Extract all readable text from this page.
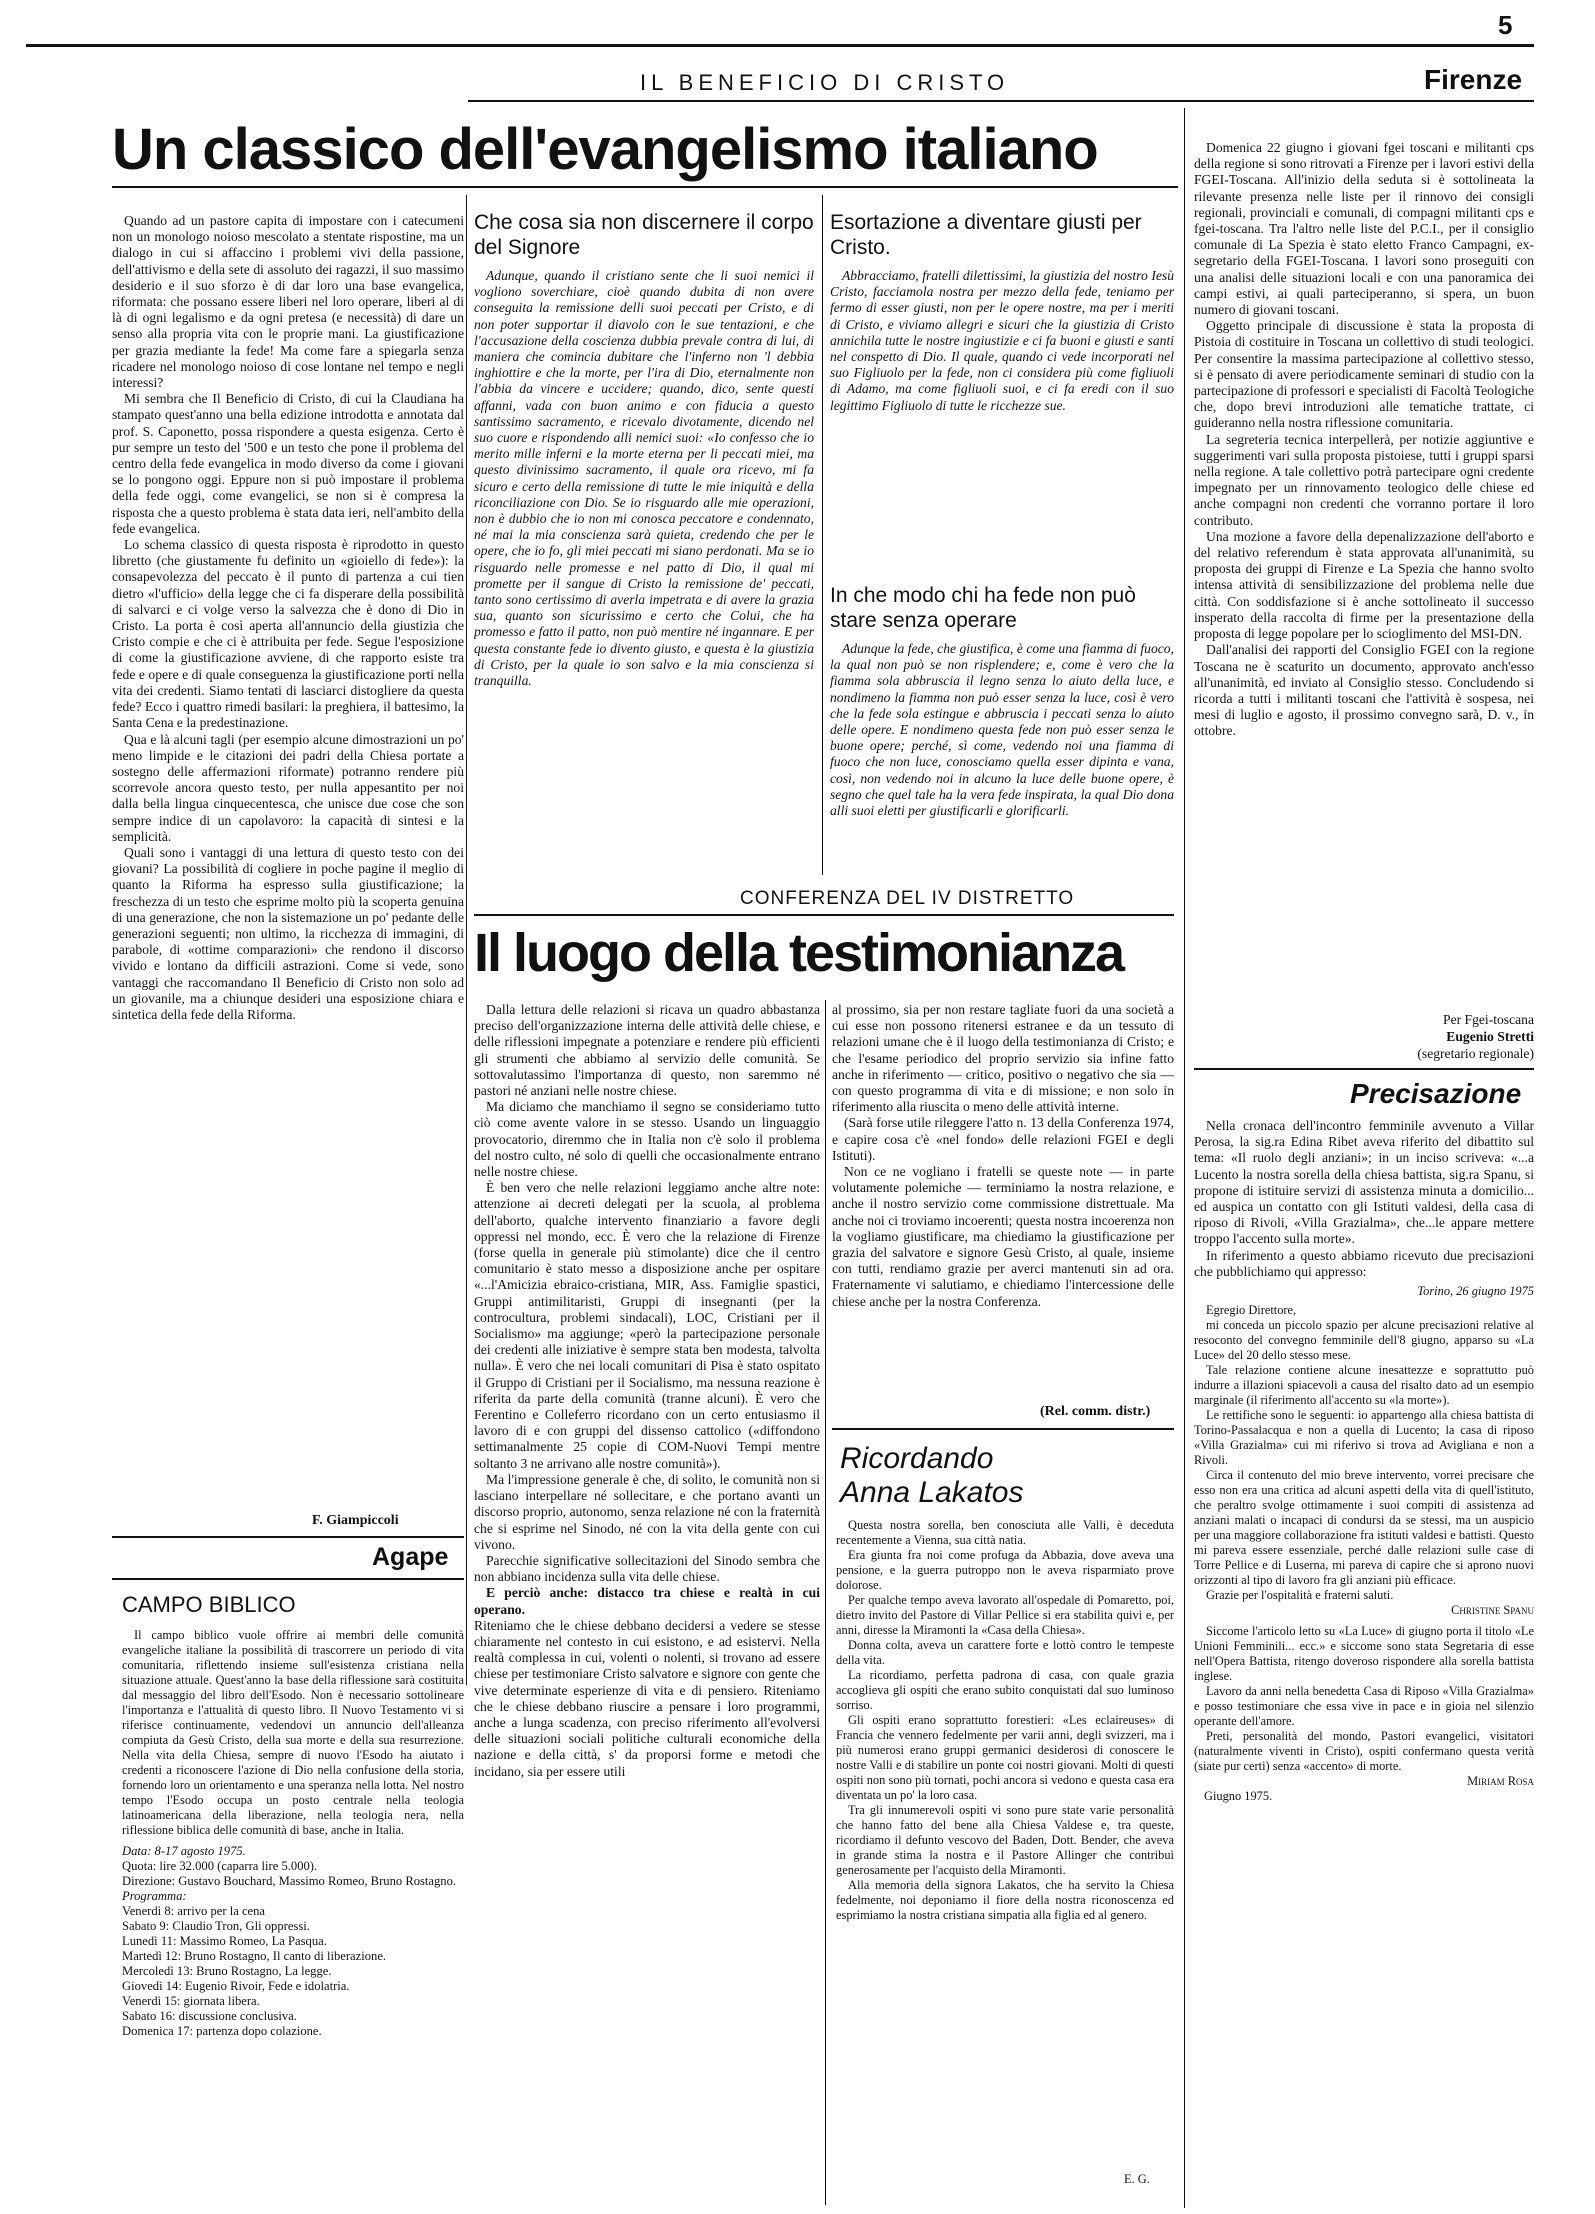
5
IL BENEFICIO DI CRISTO	Firenze
Un classico dell'evangelismo italiano

Quando ad un pastore capita di impostare con i catecumeni non un monologo noioso mescolato a stentate rispostine, ma un dialogo in cui si affaccino i problemi vivi della passione, dell'attivismo e della sete di assoluto dei ragazzi, il suo massimo desiderio e il suo sforzo è di dar loro una base evangelica, riformata: che possano essere liberi nel loro operare, liberi al di là di ogni legalismo e da ogni pretesa (e necessità) di dare un senso alla propria vita con le proprie mani. La giustificazione per grazia mediante la fede! Ma come fare a spiegarla senza ricadere nel monologo noioso di cose lontane nel tempo e negli interessi?

Mi sembra che Il Beneficio di Cristo, di cui la Claudiana ha stampato quest'anno una bella edizione introdotta e annotata dal prof. S. Caponetto, possa rispondere a questa esigenza. Certo è pur sempre un testo del '500 e un testo che pone il problema del centro della fede evangelica in modo diverso da come i giovani se lo pongono oggi. Eppure non si può impostare il problema della fede oggi, come evangelici, se non si è compresa la risposta che a questo problema è stata data ieri, nell'ambito della fede evangelica.

Lo schema classico di questa risposta è riprodotto in questo libretto (che giustamente fu definito un «gioiello di fede»): la consapevolezza del peccato è il punto di partenza a cui tien dietro «l'ufficio» della legge che ci fa disperare della possibilità di salvarci e ci volge verso la salvezza che è dono di Dio in Cristo. La porta è così aperta all'annuncio della giustizia che Cristo compie e che ci è attribuita per fede. Segue l'esposizione di come la giustificazione avviene, di che rapporto esiste tra fede e opere e di quale conseguenza la giustificazione porti nella vita dei credenti. Siamo tentati di lasciarci distogliere da questa fede? Ecco i quattro rimedi basilari: la preghiera, il battesimo, la Santa Cena e la predestinazione.

Qua e là alcuni tagli (per esempio alcune dimostrazioni un po' meno limpide e le citazioni dei padri della Chiesa portate a sostegno delle affermazioni riformate) potranno rendere più scorrevole ancora questo testo, per nulla appesantito per noi dalla bella lingua cinquecentesca, che unisce due cose che son sempre indice di un capolavoro: la capacità di sintesi e la semplicità.

Quali sono i vantaggi di una lettura di questo testo con dei giovani? La possibilità di cogliere in poche pagine il meglio di quanto la Riforma ha espresso sulla giustificazione; la freschezza di un testo che esprime molto più la scoperta genuina di una generazione, che non la sistemazione un po' pedante delle generazioni seguenti; non ultimo, la ricchezza di immagini, di parabole, di «ottime comparazioni» che rendono il discorso vivido e lontano da difficili astrazioni. Come si vede, sono vantaggi che raccomandano Il Beneficio di Cristo non solo ad un giovanile, ma a chiunque desideri una esposizione chiara e sintetica della fede della Riforma.

F. Giampiccoli
Che cosa sia non discernere il corpo del Signore

Adunque, quando il cristiano sente che li suoi nemici il vogliono soverchiare, cioè quando dubita di non avere conseguita la remissione delli suoi peccati per Cristo, e di non poter supportar il diavolo con le sue tentazioni, e che l'accusazione della coscienza dubbia prevale contra di lui, di maniera che comincia dubitare che l'inferno non 'l debbia inghiottire e che la morte, per l'ira di Dio, eternalmente non l'abbia da vincere e uccidere; quando, dico, sente questi affanni, vada con buon animo e con fiducia a questo santissimo sacramento, e ricevalo divotamente, dicendo nel suo cuore e rispondendo alli nemici suoi: «Io confesso che io merito mille inferni e la morte eterna per li peccati miei, ma questo divinissimo sacramento, il quale ora ricevo, mi fa sicuro e certo della remissione di tutte le mie iniquità e della riconciliazione con Dio. Se io risguardo alle mie operazioni, non è dubbio che io non mi conosca peccatore e condennato, né mai la mia conscienza sarà quieta, credendo che per le opere, che io fo, gli miei peccati mi siano perdonati. Ma se io risguardo nelle promesse e nel patto di Dio, il qual mi promette per il sangue di Cristo la remissione de' peccati, tanto sono certissimo di averla impetrata e di avere la grazia sua, quanto son sicurissimo e certo che Colui, che ha promesso e fatto il patto, non può mentire né ingannare. E per questa constante fede io divento giusto, e questa è la giustizia di Cristo, per la quale io son salvo e la mia conscienza si tranquilla.

Esortazione a diventare giusti per Cristo.

Abbracciamo, fratelli dilettissimi, la giustizia del nostro Iesù Cristo, facciamola nostra per mezzo della fede, teniamo per fermo di esser giusti, non per le opere nostre, ma per i meriti di Cristo, e viviamo allegri e sicuri che la giustizia di Cristo annichila tutte le nostre ingiustizie e ci fa buoni e giusti e santi nel conspetto di Dio. Il quale, quando ci vede incorporati nel suo Figliuolo per la fede, non ci considera più come figliuoli di Adamo, ma come figliuoli suoi, e ci fa eredi con il suo legittimo Figliuolo di tutte le ricchezze sue.

In che modo chi ha fede non può stare senza operare

Adunque la fede, che giustifica, è come una fiamma di fuoco, la qual non può se non risplendere; e, come è vero che la fiamma sola abbruscia il legno senza lo aiuto della luce, e nondimeno la fiamma non può esser senza la luce, così è vero che la fede sola estingue e abbruscia i peccati senza lo aiuto delle opere. E nondimeno questa fede non può esser senza le buone opere; perché, sì come, vedendo noi una fiamma di fuoco che non luce, conosciamo quella esser dipinta e vana, così, non vedendo noi in alcuno la luce delle buone opere, è segno che quel tale ha la vera fede inspirata, la qual Dio dona alli suoi eletti per giustificarli e glorificarli.

CONFERENZA DEL IV DISTRETTO
Il luogo della testimonianza

Dalla lettura delle relazioni si ricava un quadro abbastanza preciso dell'organizzazione interna delle attività delle chiese, e delle riflessioni impegnate a potenziare e rendere più efficienti gli strumenti che abbiamo al servizio delle comunità. Se sottovalutassimo l'importanza di questo, non saremmo né pastori né anziani nelle nostre chiese.

Ma diciamo che manchiamo il segno se consideriamo tutto ciò come avente valore in se stesso. Usando un linguaggio provocatorio, diremmo che in Italia non c'è solo il problema del nostro culto, né solo di quelli che occasionalmente entrano nelle nostre chiese.

È ben vero che nelle relazioni leggiamo anche altre note: attenzione ai decreti delegati per la scuola, al problema dell'aborto, qualche intervento finanziario a favore degli oppressi nel mondo, ecc. È vero che la relazione di Firenze (forse quella in generale più stimolante) dice che il centro comunitario è stato messo a disposizione anche per ospitare «...l'Amicizia ebraico-cristiana, MIR, Ass. Famiglie spastici, Gruppi antimilitaristi, Gruppi di insegnanti (per la controcultura, problemi sindacali), LOC, Cristiani per il Socialismo» ma aggiunge; «però la partecipazione personale dei credenti alle iniziative è sempre stata ben modesta, talvolta nulla». È vero che nei locali comunitari di Pisa è stato ospitato il Gruppo di Cristiani per il Socialismo, ma nessuna reazione è riferita da parte della comunità (tranne alcuni). È vero che Ferentino e Colleferro ricordano con un certo entusiasmo il lavoro di e con gruppi del dissenso cattolico («diffondono settimanalmente 25 copie di COM-Nuovi Tempi mentre soltanto 3 ne arrivano alle nostre comunità»).

Ma l'impressione generale è che, di solito, le comunità non si lasciano interpellare né sollecitare, e che portano avanti un discorso proprio, autonomo, senza relazione né con la fraternità che si esprime nel Sinodo, né con la vita della gente con cui vivono.

Parecchie significative sollecitazioni del Sinodo sembra che non abbiano incidenza sulla vita delle chiese.

E perciò anche: distacco tra chiese e realtà in cui operano.

Riteniamo che le chiese debbano decidersi a vedere se stesse chiaramente nel contesto in cui esistono, e ad esistervi. Nella realtà complessa in cui, volenti o nolenti, si trovano ad essere chiese per testimoniare Cristo salvatore e signore con gente che vive determinate esperienze di vita e di pensiero. Riteniamo che le chiese debbano riuscire a pensare i loro programmi, anche a lunga scadenza, con preciso riferimento all'evolversi delle situazioni sociali politiche culturali economiche della nazione e della città, s' da proporsi forme e metodi che incidano, sia per essere utili

al prossimo, sia per non restare tagliate fuori da una società a cui esse non possono ritenersi estranee e da un tessuto di relazioni umane che è il luogo della testimonianza di Cristo; e che l'esame periodico del proprio servizio sia infine fatto anche in riferimento — critico, positivo o negativo che sia — con questo programma di vita e di missione; e non solo in riferimento alla riuscita o meno delle attività interne.

(Sarà forse utile rileggere l'atto n. 13 della Conferenza 1974, e capire cosa c'è «nel fondo» delle relazioni FGEI e degli Istituti).

Non ce ne vogliano i fratelli se queste note — in parte volutamente polemiche — terminiamo la nostra relazione, e anche il nostro servizio come commissione distrettuale. Ma anche noi ci troviamo incoerenti; questa nostra incoerenza non la vogliamo giustificare, ma chiediamo la giustificazione per grazia del salvatore e signore Gesù Cristo, al quale, insieme con tutti, rendiamo grazie per averci mantenuti sin ad ora. Fraternamente vi salutiamo, e chiediamo l'intercessione delle chiese anche per la nostra Conferenza.

(Rel. comm. distr.)
Ricordando
Anna Lakatos

Questa nostra sorella, ben conosciuta alle Valli, è deceduta recentemente a Vienna, sua città natia.

Era giunta fra noi come profuga da Abbazia, dove aveva una pensione, e la guerra putroppo non le aveva risparmiato prove dolorose.

Per qualche tempo aveva lavorato all'ospedale di Pomaretto, poi, dietro invito del Pastore di Villar Pellice si era stabilita quivi e, per anni, diresse la Miramonti la «Casa della Chiesa».

Donna colta, aveva un carattere forte e lottò contro le tempeste della vita.

La ricordiamo, perfetta padrona di casa, con quale grazia accoglieva gli ospiti che erano subito conquistati dal suo luminoso sorriso.

Gli ospiti erano soprattutto forestieri: «Les eclaireuses» di Francia che vennero fedelmente per varii anni, degli svizzeri, ma i più numerosi erano gruppi germanici desiderosi di conoscere le nostre Valli e di stabilire un ponte coi nostri giovani. Molti di questi ospiti non sono più tornati, pochi ancora si vedono e questa casa era diventata un po' la loro casa.

Tra gli innumerevoli ospiti vi sono pure state varie personalità che hanno fatto del bene alla Chiesa Valdese e, tra queste, ricordiamo il defunto vescovo del Baden, Dott. Bender, che aveva in grande stima la nostra e il Pastore Allinger che contribuì generosamente per l'acquisto della Miramonti.

Alla memoria della signora Lakatos, che ha servito la Chiesa fedelmente, noi deponiamo il fiore della nostra riconoscenza ed esprimiamo la nostra cristiana simpatia alla figlia ed al genero.

E. G.
Agape
CAMPO BIBLICO

Il campo biblico vuole offrire ai membri delle comunità evangeliche italiane la possibilità di trascorrere un periodo di vita comunitaria, riflettendo insieme sull'esistenza cristiana nella situazione attuale. Quest'anno la base della riflessione sarà costituita dal messaggio del libro dell'Esodo. Non è necessario sottolineare l'importanza e l'attualità di questo libro. Il Nuovo Testamento vi si riferisce continuamente, vedendovi un annuncio dell'alleanza compiuta da Gesù Cristo, della sua morte e della sua resurrezione. Nella vita della Chiesa, sempre di nuovo l'Esodo ha aiutato i credenti a riconoscere l'azione di Dio nella confusione della storia, fornendo loro un orientamento e una speranza nella lotta. Nel nostro tempo l'Esodo occupa un posto centrale nella teologia latinoamericana della liberazione, nella teologia nera, nella riflessione biblica delle comunità di base, anche in Italia.

Data: 8-17 agosto 1975.
Quota: lire 32.000 (caparra lire 5.000).
Direzione: Gustavo Bouchard, Massimo Romeo, Bruno Rostagno.
Programma:
Venerdì 8: arrivo per la cena
Sabato 9: Claudio Tron, Gli oppressi.
Lunedì 11: Massimo Romeo, La Pasqua.
Martedì 12: Bruno Rostagno, Il canto di liberazione.
Mercoledì 13: Bruno Rostagno, La legge.
Giovedì 14: Eugenio Rivoir, Fede e idolatria.
Venerdì 15: giornata libera.
Sabato 16: discussione conclusiva.
Domenica 17: partenza dopo colazione.

Domenica 22 giugno i giovani fgei toscani e militanti cps della regione si sono ritrovati a Firenze per i lavori estivi della FGEI-Toscana. All'inizio della seduta si è sottolineata la rilevante presenza nelle liste per il rinnovo dei consigli regionali, provinciali e comunali, di compagni militanti cps e fgei-toscana. Tra l'altro nelle liste del P.C.I., per il consiglio comunale di La Spezia è stato eletto Franco Campagni, ex-segretario della FGEI-Toscana. I lavori sono proseguiti con una analisi delle situazioni locali e con una panoramica dei campi estivi, ai quali parteciperanno, si spera, un buon numero di giovani toscani.

Oggetto principale di discussione è stata la proposta di Pistoia di costituire in Toscana un collettivo di studi teologici. Per consentire la massima partecipazione al collettivo stesso, si è pensato di avere periodicamente seminari di studio con la partecipazione di professori e specialisti di Facoltà Teologiche che, dopo brevi introduzioni alle tematiche trattate, ci guideranno nella nostra riflessione comunitaria.

La segreteria tecnica interpellerà, per notizie aggiuntive e suggerimenti vari sulla proposta pistoiese, tutti i gruppi sparsi nella regione. A tale collettivo potrà partecipare ogni credente impegnato per un rinnovamento teologico delle chiese ed anche compagni non credenti che vorranno portare il loro contributo.

Una mozione a favore della depenalizzazione dell'aborto e del relativo referendum è stata approvata all'unanimità, su proposta dei gruppi di Firenze e La Spezia che hanno svolto intensa attività di sensibilizzazione del problema nelle due città. Con soddisfazione si è anche sottolineato il successo insperato della raccolta di firme per la presentazione della proposta di legge popolare per lo scioglimento del MSI-DN.

Dall'analisi dei rapporti del Consiglio FGEI con la regione Toscana ne è scaturito un documento, approvato anch'esso all'unanimità, ed inviato al Consiglio stesso. Concludendo si ricorda a tutti i militanti toscani che l'attività è sospesa, nei mesi di luglio e agosto, il prossimo convegno sarà, D. v., in ottobre.

Per Fgei-toscana
Eugenio Stretti
(segretario regionale)
Precisazione

Nella cronaca dell'incontro femminile avvenuto a Villar Perosa, la sig.ra Edina Ribet aveva riferito del dibattito sul tema: «Il ruolo degli anziani»; in un inciso scriveva: «...a Lucento la nostra sorella della chiesa battista, sig.ra Spanu, si propone di istituire servizi di assistenza minuta a domicilio... ed auspica un contatto con gli Istituti valdesi, della casa di riposo di Rivoli, «Villa Grazialma», che...le appare mettere troppo l'accento sulla morte».

In riferimento a questo abbiamo ricevuto due precisazioni che pubblichiamo qui appresso:

Torino, 26 giugno 1975

Egregio Direttore,

mi conceda un piccolo spazio per alcune precisazioni relative al resoconto del convegno femminile dell'8 giugno, apparso su «La Luce» del 20 dello stesso mese.

Tale relazione contiene alcune inesattezze e soprattutto può indurre a illazioni spiacevoli a causa del risalto dato ad un esempio marginale (il riferimento all'accento su «la morte»).

Le rettifiche sono le seguenti: io appartengo alla chiesa battista di Torino-Passalacqua e non a quella di Lucento; la casa di riposo «Villa Grazialma» cui mi riferivo si trova ad Avigliana e non a Rivoli.

Circa il contenuto del mio breve intervento, vorrei precisare che esso non era una critica ad alcuni aspetti della vita di quell'istituto, che peraltro svolge ottimamente i suoi compiti di assistenza ad anziani malati o incapaci di condursi da se stessi, ma un auspicio per una maggiore collaborazione fra istituti valdesi e battisti. Questo mi pareva essere essenziale, perché dalle relazioni sulle case di Torre Pellice e di Luserna, mi pareva di capire che si aprono nuovi orizzonti al tipo di lavoro fra gli anziani più efficace.

Grazie per l'ospitalità e fraterni saluti.

Christine Spanu

Siccome l'articolo letto su «La Luce» di giugno porta il titolo «Le Unioni Femminili... ecc.» e siccome sono stata Segretaria di esse nell'Opera Battista, ritengo doveroso rispondere alla sorella battista inglese.

Lavoro da anni nella benedetta Casa di Riposo «Villa Grazialma» e posso testimoniare che essa vive in pace e in gioia nel silenzio operante dell'amore.

Preti, personalità del mondo, Pastori evangelici, visitatori (naturalmente viventi in Cristo), ospiti confermano questa verità (siate pur certi) senza «accento» di morte.

Miriam Rosa
Giugno 1975.
